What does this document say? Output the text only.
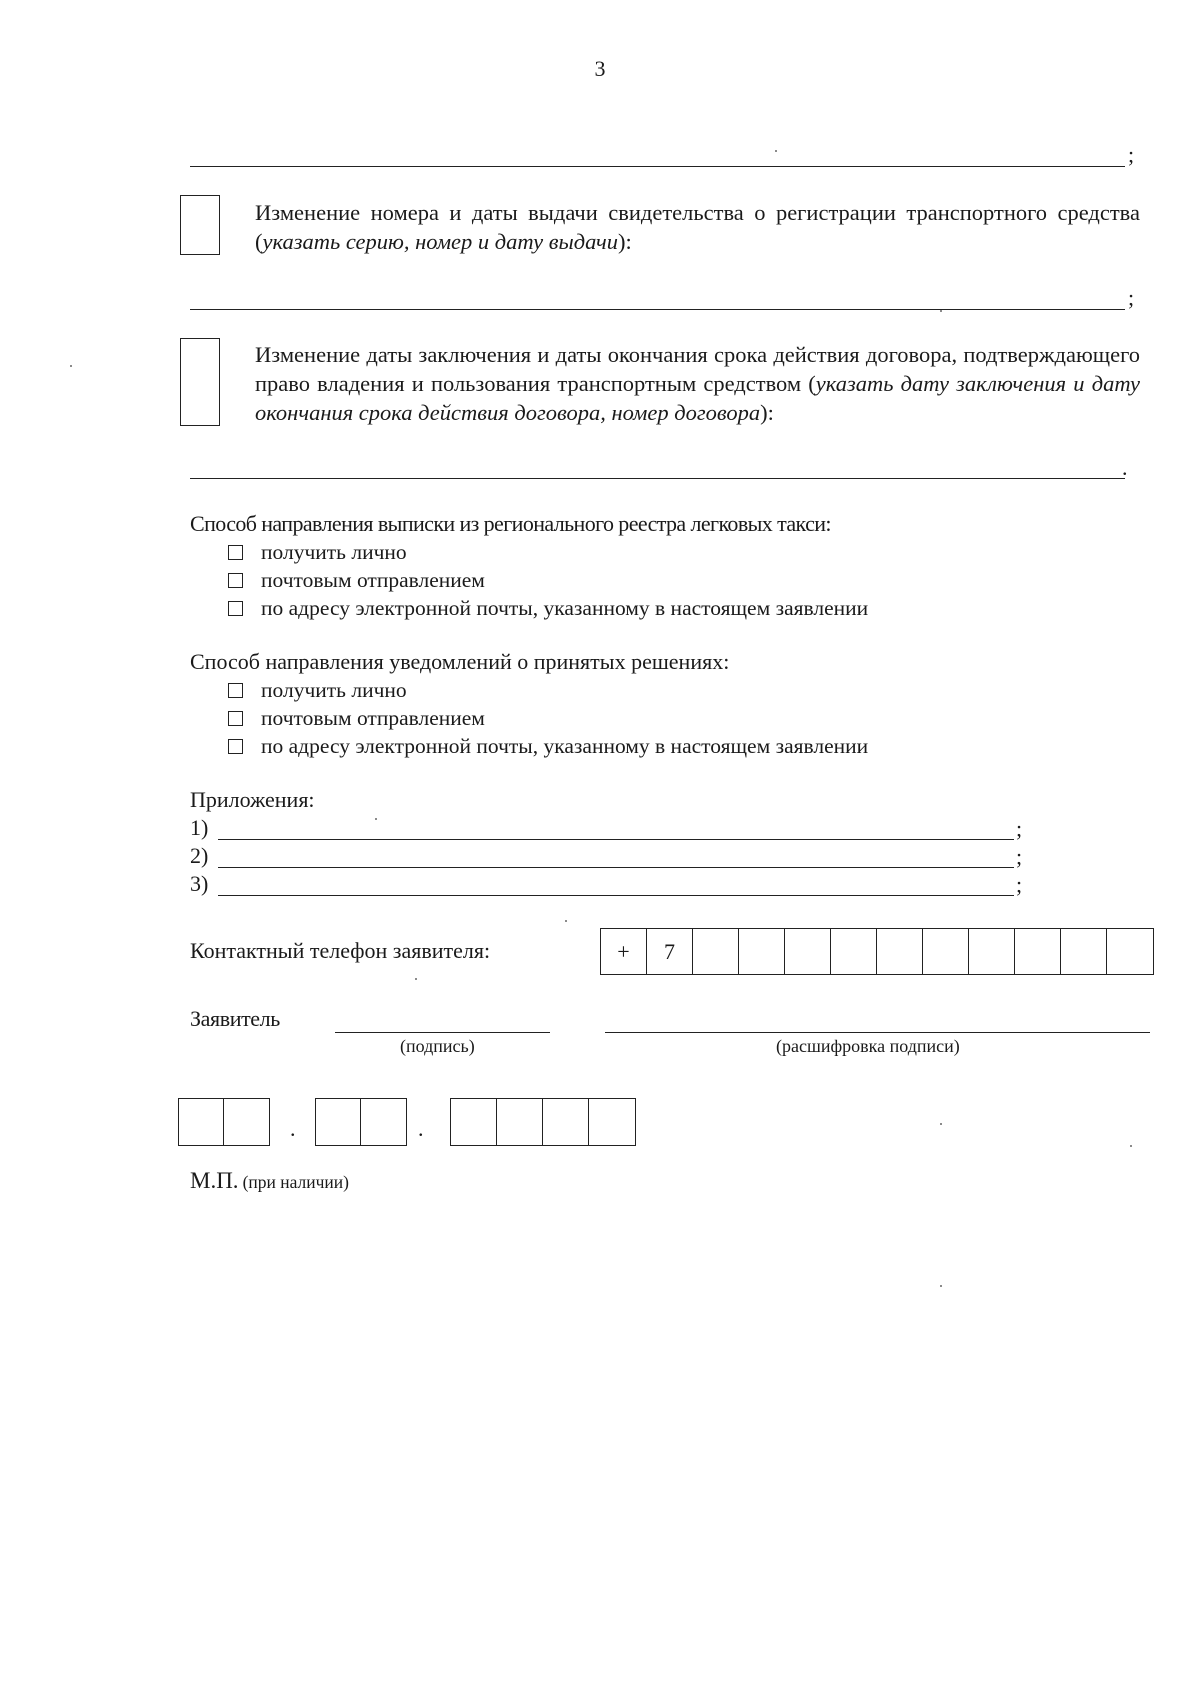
3
;
Изменение номера и даты выдачи свидетельства о регистрации транспортного средства (указать серию, номер и дату выдачи):
;
Изменение даты заключения и даты окончания срока действия договора, подтверждающего право владения и пользования транспортным средством (указать дату заключения и дату окончания срока действия договора, номер договора):
.
Способ направления выписки из регионального реестра легковых такси:
получить лично
почтовым отправлением
по адресу электронной почты, указанному в настоящем заявлении
Способ направления уведомлений о принятых решениях:
получить лично
почтовым отправлением
по адресу электронной почты, указанному в настоящем заявлении
Приложения:
1)	;
2)	;
3)	;
Контактный телефон заявителя:	+	7
Заявитель
(подпись)	(расшифровка подписи)
.	.
М.П. (при наличии)
